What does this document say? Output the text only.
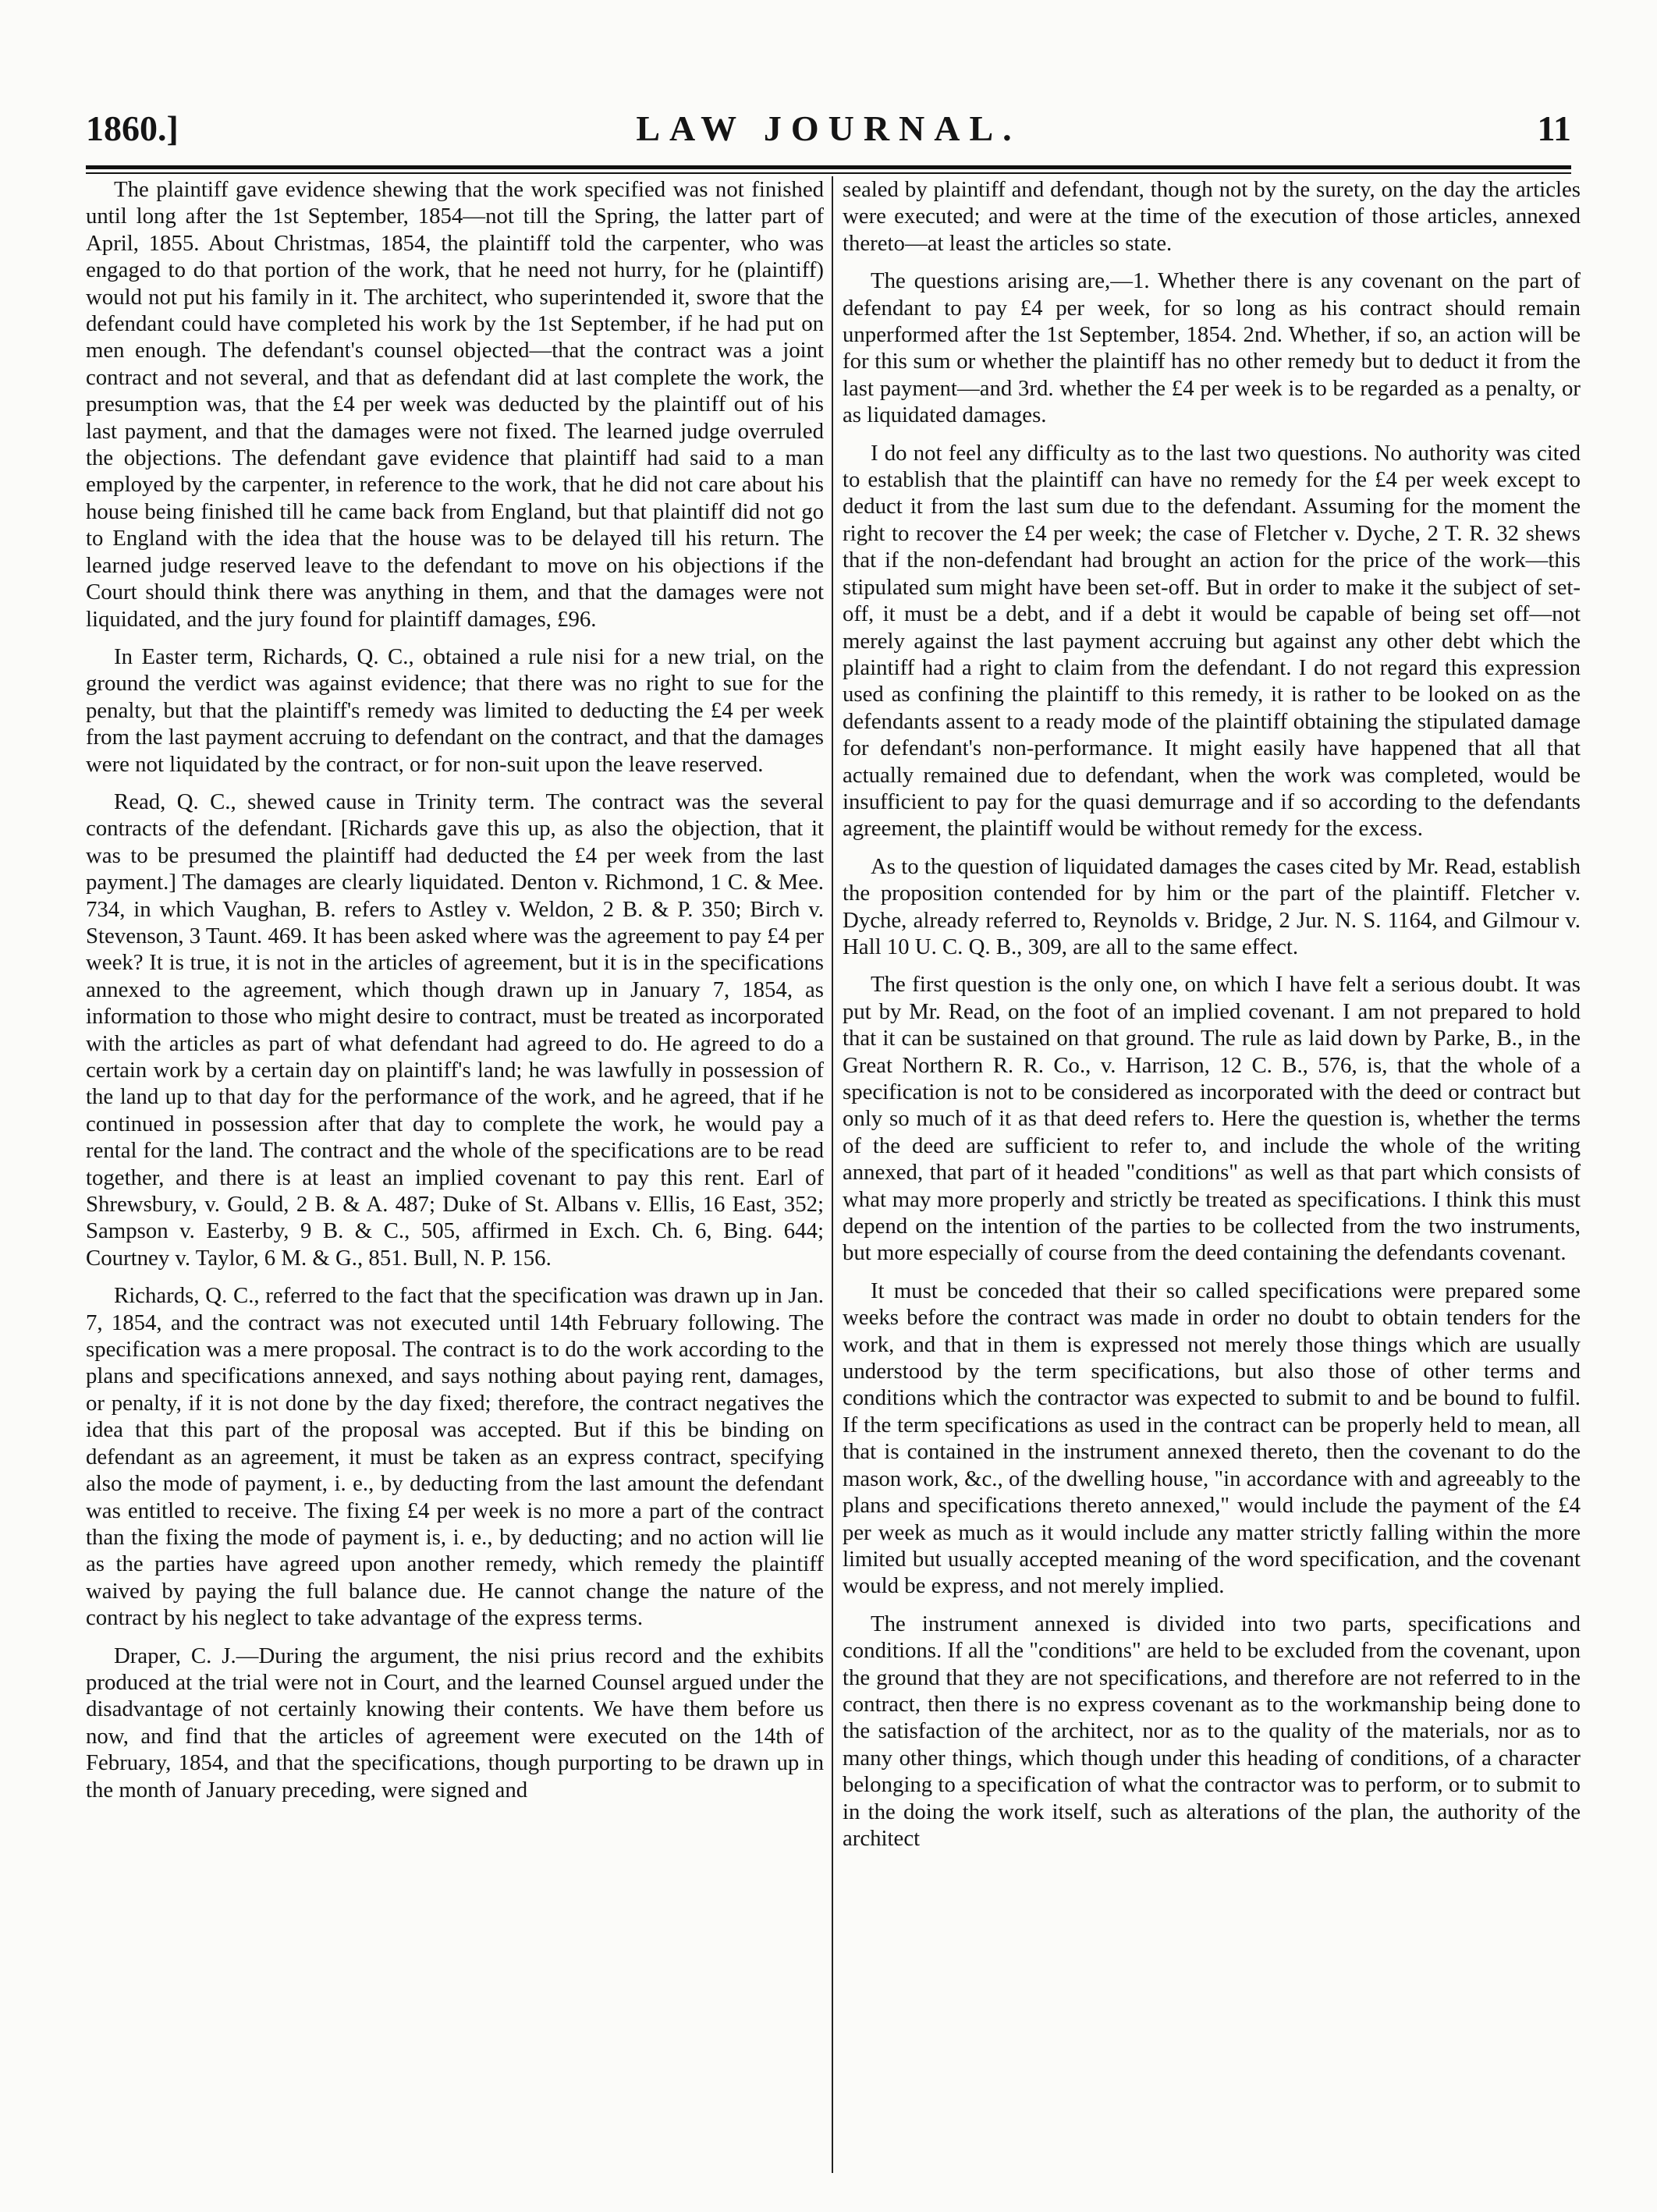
1860.]	LAW JOURNAL.	11

The plaintiff gave evidence shewing that the work specified was not finished until long after the 1st September, 1854—not till the Spring, the latter part of April, 1855. About Christmas, 1854, the plaintiff told the carpenter, who was engaged to do that portion of the work, that he need not hurry, for he (plaintiff) would not put his family in it. The architect, who superintended it, swore that the defendant could have completed his work by the 1st September, if he had put on men enough. The defendant's counsel objected—that the contract was a joint contract and not several, and that as defendant did at last complete the work, the presumption was, that the £4 per week was deducted by the plaintiff out of his last payment, and that the damages were not fixed. The learned judge overruled the objections. The defendant gave evidence that plaintiff had said to a man employed by the carpenter, in reference to the work, that he did not care about his house being finished till he came back from England, but that plaintiff did not go to England with the idea that the house was to be delayed till his return. The learned judge reserved leave to the defendant to move on his objections if the Court should think there was anything in them, and that the damages were not liquidated, and the jury found for plaintiff damages, £96.

In Easter term, Richards, Q. C., obtained a rule nisi for a new trial, on the ground the verdict was against evidence; that there was no right to sue for the penalty, but that the plaintiff's remedy was limited to deducting the £4 per week from the last payment accruing to defendant on the contract, and that the damages were not liquidated by the contract, or for non-suit upon the leave reserved.

Read, Q. C., shewed cause in Trinity term. The contract was the several contracts of the defendant. [Richards gave this up, as also the objection, that it was to be presumed the plaintiff had deducted the £4 per week from the last payment.] The damages are clearly liquidated. Denton v. Richmond, 1 C. & Mee. 734, in which Vaughan, B. refers to Astley v. Weldon, 2 B. & P. 350; Birch v. Stevenson, 3 Taunt. 469. It has been asked where was the agreement to pay £4 per week? It is true, it is not in the articles of agreement, but it is in the specifications annexed to the agreement, which though drawn up in January 7, 1854, as information to those who might desire to contract, must be treated as incorporated with the articles as part of what defendant had agreed to do. He agreed to do a certain work by a certain day on plaintiff's land; he was lawfully in possession of the land up to that day for the performance of the work, and he agreed, that if he continued in possession after that day to complete the work, he would pay a rental for the land. The contract and the whole of the specifications are to be read together, and there is at least an implied covenant to pay this rent. Earl of Shrewsbury, v. Gould, 2 B. & A. 487; Duke of St. Albans v. Ellis, 16 East, 352; Sampson v. Easterby, 9 B. & C., 505, affirmed in Exch. Ch. 6, Bing. 644; Courtney v. Taylor, 6 M. & G., 851. Bull, N. P. 156.

Richards, Q. C., referred to the fact that the specification was drawn up in Jan. 7, 1854, and the contract was not executed until 14th February following. The specification was a mere proposal. The contract is to do the work according to the plans and specifications annexed, and says nothing about paying rent, damages, or penalty, if it is not done by the day fixed; therefore, the contract negatives the idea that this part of the proposal was accepted. But if this be binding on defendant as an agreement, it must be taken as an express contract, specifying also the mode of payment, i. e., by deducting from the last amount the defendant was entitled to receive. The fixing £4 per week is no more a part of the contract than the fixing the mode of payment is, i. e., by deducting; and no action will lie as the parties have agreed upon another remedy, which remedy the plaintiff waived by paying the full balance due. He cannot change the nature of the contract by his neglect to take advantage of the express terms.

Draper, C. J.—During the argument, the nisi prius record and the exhibits produced at the trial were not in Court, and the learned Counsel argued under the disadvantage of not certainly knowing their contents. We have them before us now, and find that the articles of agreement were executed on the 14th of February, 1854, and that the specifications, though purporting to be drawn up in the month of January preceding, were signed and

sealed by plaintiff and defendant, though not by the surety, on the day the articles were executed; and were at the time of the execution of those articles, annexed thereto—at least the articles so state.

The questions arising are,—1. Whether there is any covenant on the part of defendant to pay £4 per week, for so long as his contract should remain unperformed after the 1st September, 1854. 2nd. Whether, if so, an action will be for this sum or whether the plaintiff has no other remedy but to deduct it from the last payment—and 3rd. whether the £4 per week is to be regarded as a penalty, or as liquidated damages.

I do not feel any difficulty as to the last two questions. No authority was cited to establish that the plaintiff can have no remedy for the £4 per week except to deduct it from the last sum due to the defendant. Assuming for the moment the right to recover the £4 per week; the case of Fletcher v. Dyche, 2 T. R. 32 shews that if the non-defendant had brought an action for the price of the work—this stipulated sum might have been set-off. But in order to make it the subject of set-off, it must be a debt, and if a debt it would be capable of being set off—not merely against the last payment accruing but against any other debt which the plaintiff had a right to claim from the defendant. I do not regard this expression used as confining the plaintiff to this remedy, it is rather to be looked on as the defendants assent to a ready mode of the plaintiff obtaining the stipulated damage for defendant's non-performance. It might easily have happened that all that actually remained due to defendant, when the work was completed, would be insufficient to pay for the quasi demurrage and if so according to the defendants agreement, the plaintiff would be without remedy for the excess.

As to the question of liquidated damages the cases cited by Mr. Read, establish the proposition contended for by him or the part of the plaintiff. Fletcher v. Dyche, already referred to, Reynolds v. Bridge, 2 Jur. N. S. 1164, and Gilmour v. Hall 10 U. C. Q. B., 309, are all to the same effect.

The first question is the only one, on which I have felt a serious doubt. It was put by Mr. Read, on the foot of an implied covenant. I am not prepared to hold that it can be sustained on that ground. The rule as laid down by Parke, B., in the Great Northern R. R. Co., v. Harrison, 12 C. B., 576, is, that the whole of a specification is not to be considered as incorporated with the deed or contract but only so much of it as that deed refers to. Here the question is, whether the terms of the deed are sufficient to refer to, and include the whole of the writing annexed, that part of it headed "conditions" as well as that part which consists of what may more properly and strictly be treated as specifications. I think this must depend on the intention of the parties to be collected from the two instruments, but more especially of course from the deed containing the defendants covenant.

It must be conceded that their so called specifications were prepared some weeks before the contract was made in order no doubt to obtain tenders for the work, and that in them is expressed not merely those things which are usually understood by the term specifications, but also those of other terms and conditions which the contractor was expected to submit to and be bound to fulfil. If the term specifications as used in the contract can be properly held to mean, all that is contained in the instrument annexed thereto, then the covenant to do the mason work, &c., of the dwelling house, "in accordance with and agreeably to the plans and specifications thereto annexed," would include the payment of the £4 per week as much as it would include any matter strictly falling within the more limited but usually accepted meaning of the word specification, and the covenant would be express, and not merely implied.

The instrument annexed is divided into two parts, specifications and conditions. If all the "conditions" are held to be excluded from the covenant, upon the ground that they are not specifications, and therefore are not referred to in the contract, then there is no express covenant as to the workmanship being done to the satisfaction of the architect, nor as to the quality of the materials, nor as to many other things, which though under this heading of conditions, of a character belonging to a specification of what the contractor was to perform, or to submit to in the doing the work itself, such as alterations of the plan, the authority of the architect
